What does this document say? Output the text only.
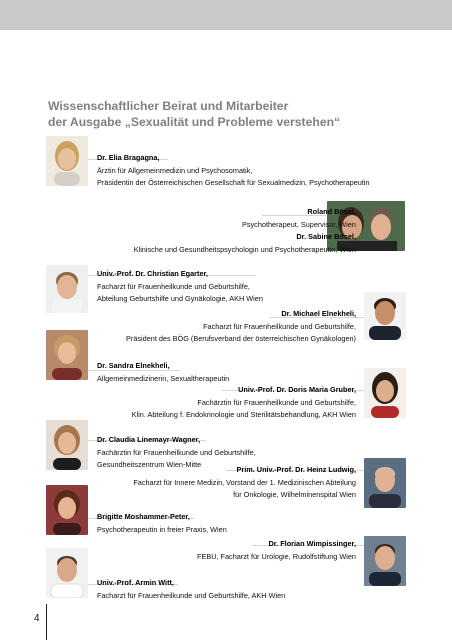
Wissenschaftlicher Beirat und Mitarbeiter
der Ausgabe „Sexualität und Probleme verstehen“
Dr. Elia Bragagna,
Ärztin für Allgemeinmedizin und Psychosomatik,
Präsidentin der Österreichischen Gesellschaft für Sexualmedizin, Psychotherapeutin
Roland Bösel,
Psychotherapeut, Supervisor, Wien
Dr. Sabine Bösel,
Klinische und Gesundheitspsychologin und Psychotherapeutin, Wien
Univ.-Prof. Dr. Christian Egarter,
Facharzt für Frauenheilkunde und Geburtshilfe,
Abteilung Geburtshilfe und Gynäkologie, AKH Wien
Dr. Michael Elnekheli,
Facharzt für Frauenheilkunde und Geburtshilfe,
Präsident des BÖG (Berufsverband der österreichischen Gynäkologen)
Dr. Sandra Elnekheli,
Allgemeinmedizinerin, Sexualtherapeutin
Univ.-Prof. Dr. Doris Maria Gruber,
Fachärztin für Frauenheilkunde und Geburtshilfe,
Klin. Abteilung f. Endokrinologie und Sterilitätsbehandlung, AKH Wien
Dr. Claudia Linemayr-Wagner,
Fachärztin für Frauenheilkunde und Geburtshilfe,
Gesundheitszentrum Wien-Mitte
Prim. Univ.-Prof. Dr. Heinz Ludwig,
Facharzt für Innere Medizin, Vorstand der 1. Medizinischen Abteilung
für Onkologie, Wilhelminenspital Wien
Brigitte Moshammer-Peter,
Psychotherapeutin in freier Praxis, Wien
Dr. Florian Wimpissinger,
FEBU, Facharzt für Urologie, Rudolfstiftung Wien
Univ.-Prof. Armin Witt,
Facharzt für Frauenheilkunde und Geburtshilfe, AKH Wien
4
